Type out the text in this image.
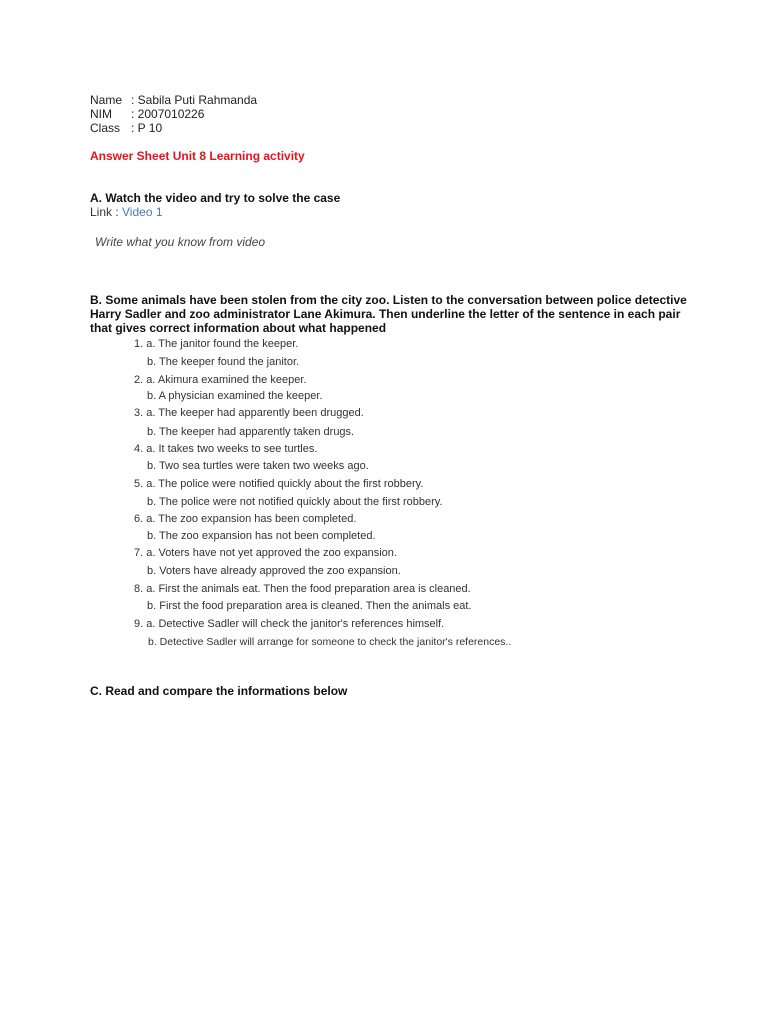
Name : Sabila Puti Rahmanda
NIM	: 2007010226
Class : P 10
Answer Sheet Unit 8 Learning activity
A. Watch the video and try to solve the case
Link : Video 1
Write what you know from video
B. Some animals have been stolen from the city zoo. Listen to the conversation between police detective Harry Sadler and zoo administrator Lane Akimura. Then underline the letter of the sentence in each pair that gives correct information about what happened
1. a. The janitor found the keeper.
b. The keeper found the janitor.
2. a. Akimura examined the keeper.
b. A physician examined the keeper.
3. a. The keeper had apparently been drugged.
b. The keeper had apparently taken drugs.
4. a. It takes two weeks to see turtles.
b. Two sea turtles were taken two weeks ago.
5. a. The police were notified quickly about the first robbery.
b. The police were not notified quickly about the first robbery.
6. a. The zoo expansion has been completed.
b. The zoo expansion has not been completed.
7. a. Voters have not yet approved the zoo expansion.
b. Voters have already approved the zoo expansion.
8. a. First the animals eat. Then the food preparation area is cleaned.
b. First the food preparation area is cleaned. Then the animals eat.
9. a. Detective Sadler will check the janitor's references himself.
b. Detective Sadler will arrange for someone to check the janitor's references..
C. Read and compare the informations below
